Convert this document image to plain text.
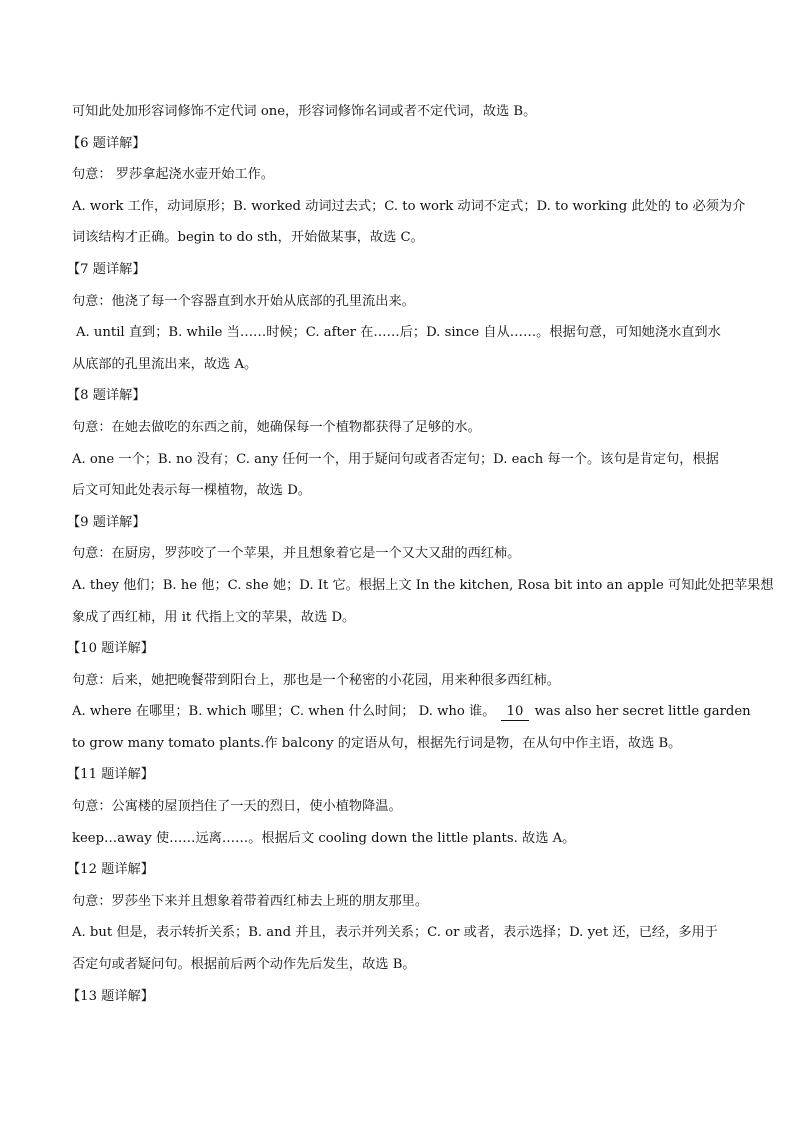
可知此处加形容词修饰不定代词 one，形容词修饰名词或者不定代词，故选 B。
【6 题详解】
句意： 罗莎拿起浇水壶开始工作。
A. work 工作，动词原形；B. worked 动词过去式；C. to work 动词不定式；D. to working 此处的 to 必须为介
词该结构才正确。begin to do sth，开始做某事，故选 C。
【7 题详解】
句意：他浇了每一个容器直到水开始从底部的孔里流出来。
A. until 直到；B. while 当……时候；C. after 在……后；D. since 自从……。根据句意，可知她浇水直到水
从底部的孔里流出来，故选 A。
【8 题详解】
句意：在她去做吃的东西之前，她确保每一个植物都获得了足够的水。
A. one 一个；B. no 没有；C. any 任何一个，用于疑问句或者否定句；D. each 每一个。该句是肯定句，根据
后文可知此处表示每一棵植物，故选 D。
【9 题详解】
句意：在厨房，罗莎咬了一个苹果，并且想象着它是一个又大又甜的西红柿。
A. they 他们；B. he 他；C. she 她；D. It 它。根据上文 In the kitchen, Rosa bit into an apple 可知此处把苹果想
象成了西红柿，用 it 代指上文的苹果，故选 D。
【10 题详解】
句意：后来，她把晚餐带到阳台上，那也是一个秘密的小花园，用来种很多西红柿。
A. where 在哪里；B. which 哪里；C. when 什么时间； D. who 谁。 10 was also her secret little garden
to grow many tomato plants.作 balcony 的定语从句，根据先行词是物，在从句中作主语，故选 B。
【11 题详解】
句意：公寓楼的屋顶挡住了一天的烈日，使小植物降温。
keep…away 使……远离……。根据后文 cooling down the little plants. 故选 A。
【12 题详解】
句意：罗莎坐下来并且想象着带着西红柿去上班的朋友那里。
A. but 但是，表示转折关系；B. and 并且，表示并列关系；C. or 或者，表示选择；D. yet 还，已经，多用于
否定句或者疑问句。根据前后两个动作先后发生，故选 B。
【13 题详解】
